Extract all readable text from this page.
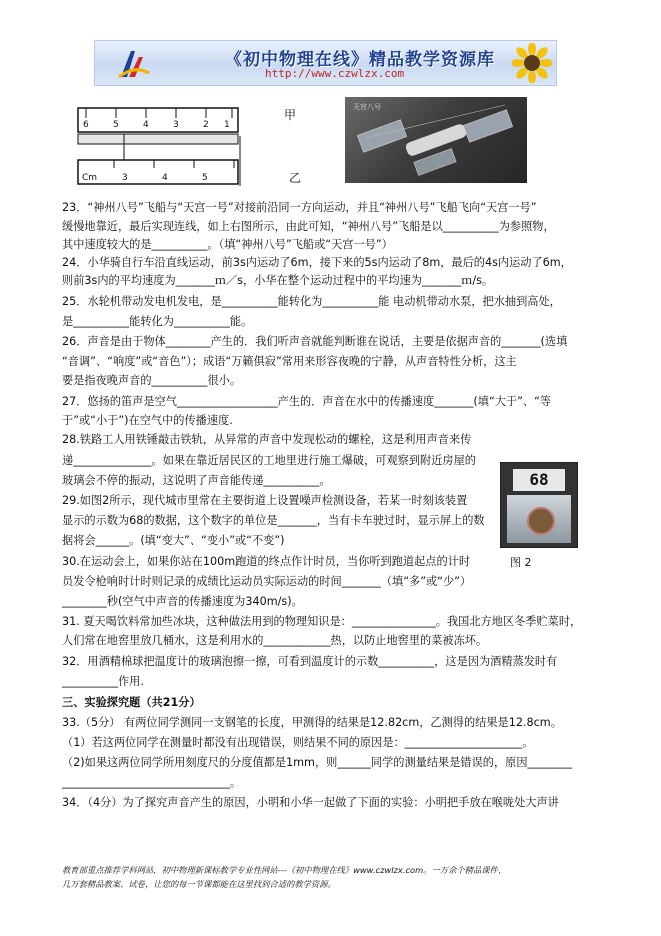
《初中物理在线》精品教学资源库
http://www.czwlzx.com
6	5	4	3	2 1
Cm	3	4	5
甲
乙
天宫八号
23．“神州八号”飞船与“天宫一号”对接前沿同一方向运动，并且“神州八号”飞船飞向“天宫一号”
缓慢地靠近，最后实现连线，如上右图所示，由此可知，“神州八号”飞船是以__________为参照物，
其中速度较大的是__________。（填“神州八号”飞船或“天宫一号”）
24．小华骑自行车沿直线运动，前3s内运动了6m，接下来的5s内运动了8m，最后的4s内运动了6m，
则前3s内的平均速度为_______ｍ／s，小华在整个运动过程中的平均速为_______ｍ/s。
25．水轮机带动发电机发电，是__________能转化为__________能 电动机带动水泵，把水抽到高处，
是__________能转化为__________能。
26．声音是由于物体________产生的．我们听声音就能判断谁在说话，主要是依据声音的_______(选填
“音调”、“响度”或“音色”）；成语“万籁俱寂”常用来形容夜晚的宁静，从声音特性分析，这主
要是指夜晚声音的__________很小。
27．悠扬的笛声是空气__________________产生的．声音在水中的传播速度_______(填“大于”、“等
于”或“小于”)在空气中的传播速度.
28.铁路工人用铁锤敲击铁轨，从异常的声音中发现松动的螺栓，这是利用声音来传
递______________。如果在靠近居民区的工地里进行施工爆破，可观察到附近房屋的
玻璃会不停的振动，这说明了声音能传递__________。
29.如图2所示，现代城市里常在主要街道上设置噪声检测设备，若某一时刻该装置
显示的示数为68的数据，这个数字的单位是_______，当有卡车驶过时，显示屏上的数
据将会______。(填“变大”、“变小”或“不变”)
30.在运动会上，如果你站在100m跑道的终点作计时员，当你听到跑道起点的计时
员发令枪响时计时则记录的成绩比运动员实际运动的时间_______（填“多”或“少”）
________秒(空气中声音的传播速度为340m/s)。
31. 夏天喝饮料常加些冰块，这种做法用到的物理知识是：_______________。我国北方地区冬季贮菜时，
人们常在地窖里放几桶水，这是利用水的____________热，以防止地窖里的菜被冻坏。
32．用酒精棉球把温度计的玻璃泡擦一擦，可看到温度计的示数__________，这是因为酒精蒸发时有
__________作用.
三、实验探究题（共21分）
33.（5分） 有两位同学测同一支钢笔的长度，甲测得的结果是12.82cm，乙测得的结果是12.8cm。
（1）若这两位同学在测量时都没有出现错误，则结果不同的原因是：_____________________。
（2)如果这两位同学所用刻度尺的分度值都是1mm，则______同学的测量结果是错误的，原因________
______________________________。
34．（4分）为了探究声音产生的原因，小明和小华一起做了下面的实验：小明把手放在喉咙处大声讲
68
图 2
教育部重点推荐学科网站，初中物理新课标教学专业性网站---《初中物理在线》www.czwlzx.com。一万余个精品课件、
几万套精品教案、试卷，让您的每一节课都能在这里找到合适的教学资源。
